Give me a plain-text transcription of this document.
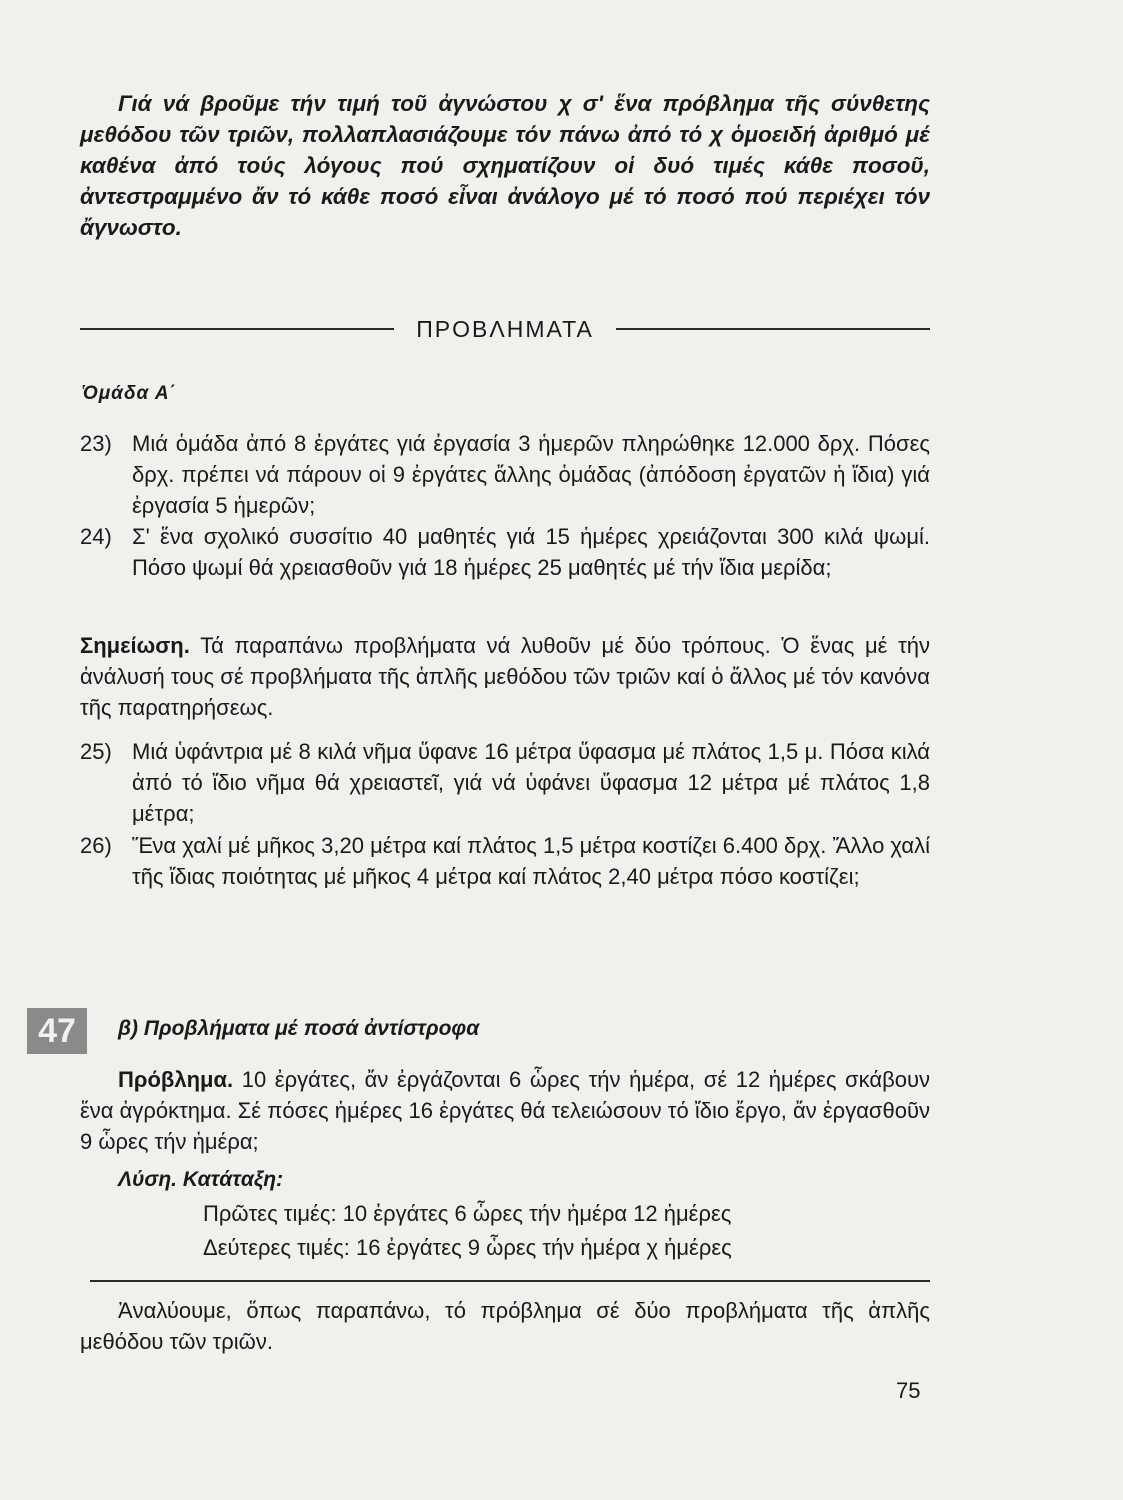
Γιά νά βροῦμε τήν τιμή τοῦ ἀγνώστου χ σ' ἕνα πρόβλημα τῆς σύνθετης μεθόδου τῶν τριῶν, πολλαπλασιάζουμε τόν πάνω ἀπό τό χ ὁμοειδή ἀριθμό μέ καθένα ἀπό τούς λόγους πού σχηματίζουν οἱ δυό τιμές κάθε ποσοῦ, ἀντεστραμμένο ἄν τό κάθε ποσό εἶναι ἀνάλογο μέ τό ποσό πού περιέχει τόν ἄγνωστο.
ΠΡΟΒΛΗΜΑΤΑ
Ὁμάδα Α΄
23) Μιά ὁμάδα ἀπό 8 ἐργάτες γιά ἐργασία 3 ἡμερῶν πληρώθηκε 12.000 δρχ. Πόσες δρχ. πρέπει νά πάρουν οἱ 9 ἐργάτες ἄλλης ὁμάδας (ἀπόδοση ἐργατῶν ἡ ἴδια) γιά ἐργασία 5 ἡμερῶν;
24) Σ' ἕνα σχολικό συσσίτιο 40 μαθητές γιά 15 ἡμέρες χρειάζονται 300 κιλά ψωμί. Πόσο ψωμί θά χρειασθοῦν γιά 18 ἡμέρες 25 μαθητές μέ τήν ἴδια μερίδα;
Σημείωση. Τά παραπάνω προβλήματα νά λυθοῦν μέ δύο τρόπους. Ὁ ἕνας μέ τήν ἀνάλυσή τους σέ προβλήματα τῆς ἁπλῆς μεθόδου τῶν τριῶν καί ὁ ἄλλος μέ τόν κανόνα τῆς παρατηρήσεως.
25) Μιά ὑφάντρια μέ 8 κιλά νῆμα ὕφανε 16 μέτρα ὕφασμα μέ πλάτος 1,5 μ. Πόσα κιλά ἀπό τό ἴδιο νῆμα θά χρειαστεῖ, γιά νά ὑφάνει ὕφασμα 12 μέτρα μέ πλάτος 1,8 μέτρα;
26) Ἕνα χαλί μέ μῆκος 3,20 μέτρα καί πλάτος 1,5 μέτρα κοστίζει 6.400 δρχ. Ἄλλο χαλί τῆς ἴδιας ποιότητας μέ μῆκος 4 μέτρα καί πλάτος 2,40 μέτρα πόσο κοστίζει;
47	β) Προβλήματα μέ ποσά ἀντίστροφα
Πρόβλημα. 10 ἐργάτες, ἄν ἐργάζονται 6 ὧρες τήν ἡμέρα, σέ 12 ἡμέρες σκάβουν ἕνα ἀγρόκτημα. Σέ πόσες ἡμέρες 16 ἐργάτες θά τελειώσουν τό ἴδιο ἔργο, ἄν ἐργασθοῦν 9 ὧρες τήν ἡμέρα;
Λύση. Κατάταξη:
Πρῶτες τιμές: 10 ἐργάτες 6 ὧρες τήν ἡμέρα 12 ἡμέρες
Δεύτερες τιμές: 16 ἐργάτες 9 ὧρες τήν ἡμέρα χ ἡμέρες
Ἀναλύουμε, ὅπως παραπάνω, τό πρόβλημα σέ δύο προβλήματα τῆς ἁπλῆς μεθόδου τῶν τριῶν.
75
